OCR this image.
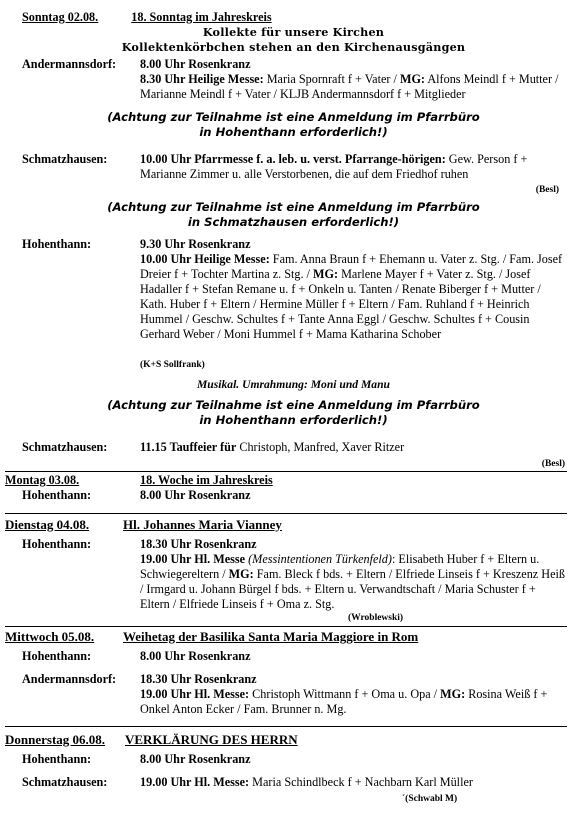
Sonntag 02.08.	18. Sonntag im Jahreskreis
Kollekte für unsere Kirchen
Kollektenkörbchen stehen an den Kirchenausgängen
Andermannsdorf: 8.00 Uhr Rosenkranz
8.30 Uhr Heilige Messe: Maria Spornraft f + Vater / MG: Alfons Meindl f + Mutter / Marianne Meindl f + Vater / KLJB Andermannsdorf f + Mitglieder
(Achtung zur Teilnahme ist eine Anmeldung im Pfarrbüro
in Hohenthann erforderlich!)
Schmatzhausen:	10.00 Uhr Pfarrmesse f. a. leb. u. verst. Pfarrange-hörigen: Gew. Person f + Marianne Zimmer u. alle Verstorbenen, die auf dem Friedhof ruhen
(Besl)
(Achtung zur Teilnahme ist eine Anmeldung im Pfarrbüro
in Schmatzhausen erforderlich!)
Hohenthann:	9.30 Uhr Rosenkranz
10.00 Uhr Heilige Messe: Fam. Anna Braun f + Ehemann u. Vater z. Stg. / Fam. Josef Dreier f + Tochter Martina z. Stg. / MG: Marlene Mayer f + Vater z. Stg. / Josef Hadaller f + Stefan Remane u. f + Onkeln u. Tanten / Renate Biberger f + Mutter / Kath. Huber f + Eltern / Hermine Müller f + Eltern / Fam. Ruhland f + Heinrich Hummel / Geschw. Schultes f + Tante Anna Eggl / Geschw. Schultes f + Cousin Gerhard Weber / Moni Hummel f + Mama Katharina Schober
(K+S Sollfrank)
Musikal. Umrahmung: Moni und Manu
(Achtung zur Teilnahme ist eine Anmeldung im Pfarrbüro
in Hohenthann erforderlich!)
Schmatzhausen:	11.15 Tauffeier für Christoph, Manfred, Xaver Ritzer
(Besl)
Montag 03.08.	18. Woche im Jahreskreis
Hohenthann:	8.00 Uhr Rosenkranz
Dienstag 04.08.	Hl. Johannes Maria Vianney
Hohenthann:	18.30 Uhr Rosenkranz
19.00 Uhr Hl. Messe (Messintentionen Türkenfeld): Elisabeth Huber f + Eltern u. Schwiegereltern / MG: Fam. Bleck f bds. + Eltern / Elfriede Linseis f + Kreszenz Heiß / Irmgard u. Johann Bürgel f bds. + Eltern u. Verwandtschaft / Maria Schuster f + Eltern / Elfriede Linseis f + Oma z. Stg.
(Wroblewski)
Mittwoch 05.08. Weihetag der Basilika Santa Maria Maggiore in Rom
Hohenthann:	8.00 Uhr Rosenkranz
Andermannsdorf: 18.30 Uhr Rosenkranz
19.00 Uhr Hl. Messe: Christoph Wittmann f + Oma u. Opa / MG: Rosina Weiß f + Onkel Anton Ecker / Fam. Brunner n. Mg.
Donnerstag 06.08. VERKLÄRUNG DES HERRN
Hohenthann:	8.00 Uhr Rosenkranz
Schmatzhausen:	19.00 Uhr Hl. Messe: Maria Schindlbeck f + Nachbarn Karl Müller
´(Schwabl M)
